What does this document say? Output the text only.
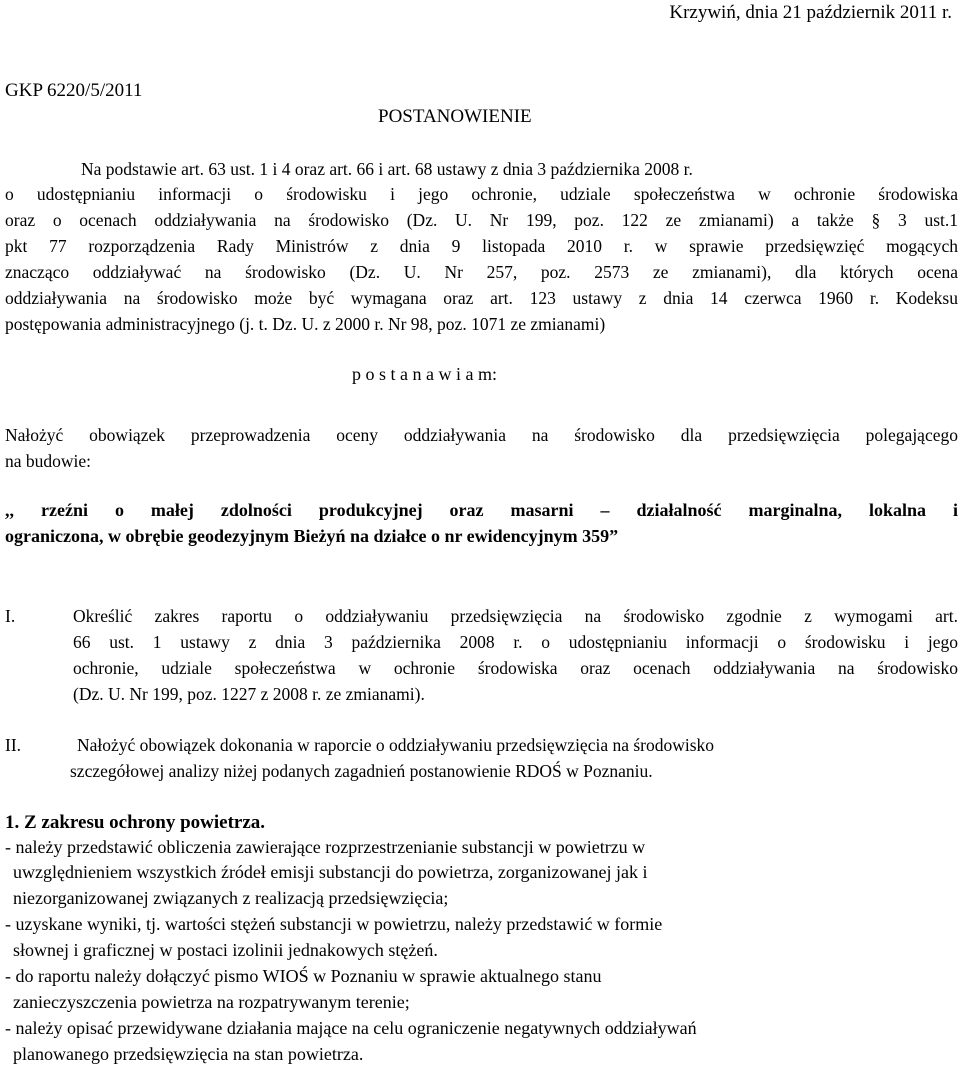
Krzywiń, dnia 21 październik 2011 r.
GKP 6220/5/2011
POSTANOWIENIE
Na podstawie art. 63 ust. 1 i 4 oraz art. 66 i art. 68 ustawy z dnia 3 października 2008 r.
o udostępnianiu informacji o środowisku i jego ochronie, udziale społeczeństwa w ochronie środowiska
oraz o ocenach oddziaływania na środowisko (Dz. U. Nr 199, poz. 122 ze zmianami) a także § 3 ust.1
pkt 77 rozporządzenia Rady Ministrów z dnia 9 listopada 2010 r. w sprawie przedsięwzięć mogących
znacząco oddziaływać na środowisko (Dz. U. Nr 257, poz. 2573 ze zmianami), dla których ocena
oddziaływania na środowisko może być wymagana oraz art. 123 ustawy z dnia 14 czerwca 1960 r. Kodeksu
postępowania administracyjnego (j. t. Dz. U. z 2000 r. Nr 98, poz. 1071 ze zmianami)
p o s t a n a w i a m:
Nałożyć obowiązek przeprowadzenia oceny oddziaływania na środowisko dla przedsięwzięcia polegającego
na budowie:
,, rzeźni o małej zdolności produkcyjnej oraz masarni – działalność marginalna, lokalna i
ograniczona, w obrębie geodezyjnym Bieżyń na działce o nr ewidencyjnym 359”
I.	Określić zakres raportu o oddziaływaniu przedsięwzięcia na środowisko zgodnie z wymogami art.
66 ust. 1 ustawy z dnia 3 października 2008 r. o udostępnianiu informacji o środowisku i jego
ochronie, udziale społeczeństwa w ochronie środowiska oraz ocenach oddziaływania na środowisko
(Dz. U. Nr 199, poz. 1227 z 2008 r. ze zmianami).
II.	Nałożyć obowiązek dokonania w raporcie o oddziaływaniu przedsięwzięcia na środowisko
szczegółowej analizy niżej podanych zagadnień postanowienie RDOŚ w Poznaniu.
1. Z zakresu ochrony powietrza.
- należy przedstawić obliczenia zawierające rozprzestrzenianie substancji w powietrzu w
uwzględnieniem wszystkich źródeł emisji substancji do powietrza, zorganizowanej jak i
niezorganizowanej związanych z realizacją przedsięwzięcia;
- uzyskane wyniki, tj. wartości stężeń substancji w powietrzu, należy przedstawić w formie
słownej i graficznej w postaci izolinii jednakowych stężeń.
- do raportu należy dołączyć pismo WIOŚ w Poznaniu w sprawie aktualnego stanu
zanieczyszczenia powietrza na rozpatrywanym terenie;
- należy opisać przewidywane działania mające na celu ograniczenie negatywnych oddziaływań
planowanego przedsięwzięcia na stan powietrza.
